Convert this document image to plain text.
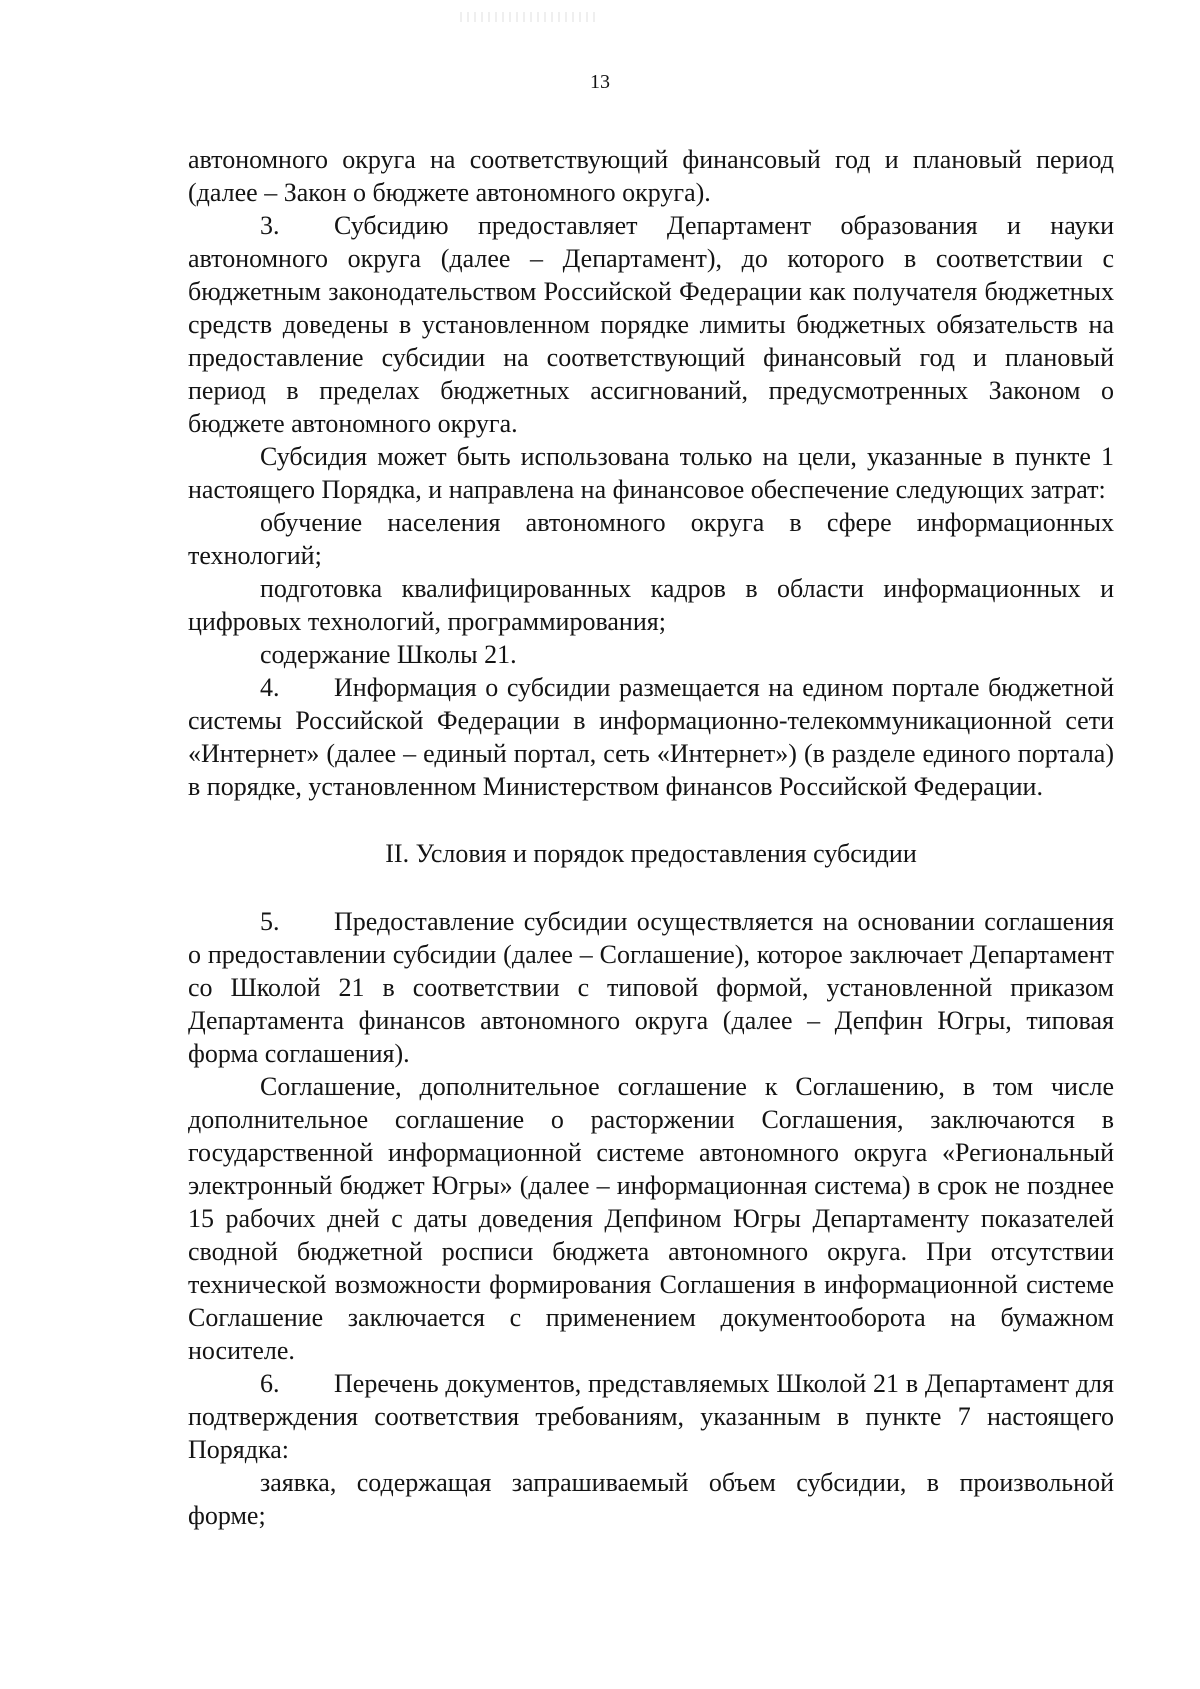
13

автономного округа на соответствующий финансовый год и плановый период (далее – Закон о бюджете автономного округа).

3. Субсидию предоставляет Департамент образования и науки автономного округа (далее – Департамент), до которого в соответствии с бюджетным законодательством Российской Федерации как получателя бюджетных средств доведены в установленном порядке лимиты бюджетных обязательств на предоставление субсидии на соответствующий финансовый год и плановый период в пределах бюджетных ассигнований, предусмотренных Законом о бюджете автономного округа.

Субсидия может быть использована только на цели, указанные в пункте 1 настоящего Порядка, и направлена на финансовое обеспечение следующих затрат:

обучение населения автономного округа в сфере информационных технологий;

подготовка квалифицированных кадров в области информационных и цифровых технологий, программирования;

содержание Школы 21.

4. Информация о субсидии размещается на едином портале бюджетной системы Российской Федерации в информационно-телекоммуникационной сети «Интернет» (далее – единый портал, сеть «Интернет») (в разделе единого портала) в порядке, установленном Министерством финансов Российской Федерации.

II. Условия и порядок предоставления субсидии

5. Предоставление субсидии осуществляется на основании соглашения о предоставлении субсидии (далее – Соглашение), которое заключает Департамент со Школой 21 в соответствии с типовой формой, установленной приказом Департамента финансов автономного округа (далее – Депфин Югры, типовая форма соглашения).

Соглашение, дополнительное соглашение к Соглашению, в том числе дополнительное соглашение о расторжении Соглашения, заключаются в государственной информационной системе автономного округа «Региональный электронный бюджет Югры» (далее – информационная система) в срок не позднее 15 рабочих дней с даты доведения Депфином Югры Департаменту показателей сводной бюджетной росписи бюджета автономного округа. При отсутствии технической возможности формирования Соглашения в информационной системе Соглашение заключается с применением документооборота на бумажном носителе.

6. Перечень документов, представляемых Школой 21 в Департамент для подтверждения соответствия требованиям, указанным в пункте 7 настоящего Порядка:

заявка, содержащая запрашиваемый объем субсидии, в произвольной форме;
